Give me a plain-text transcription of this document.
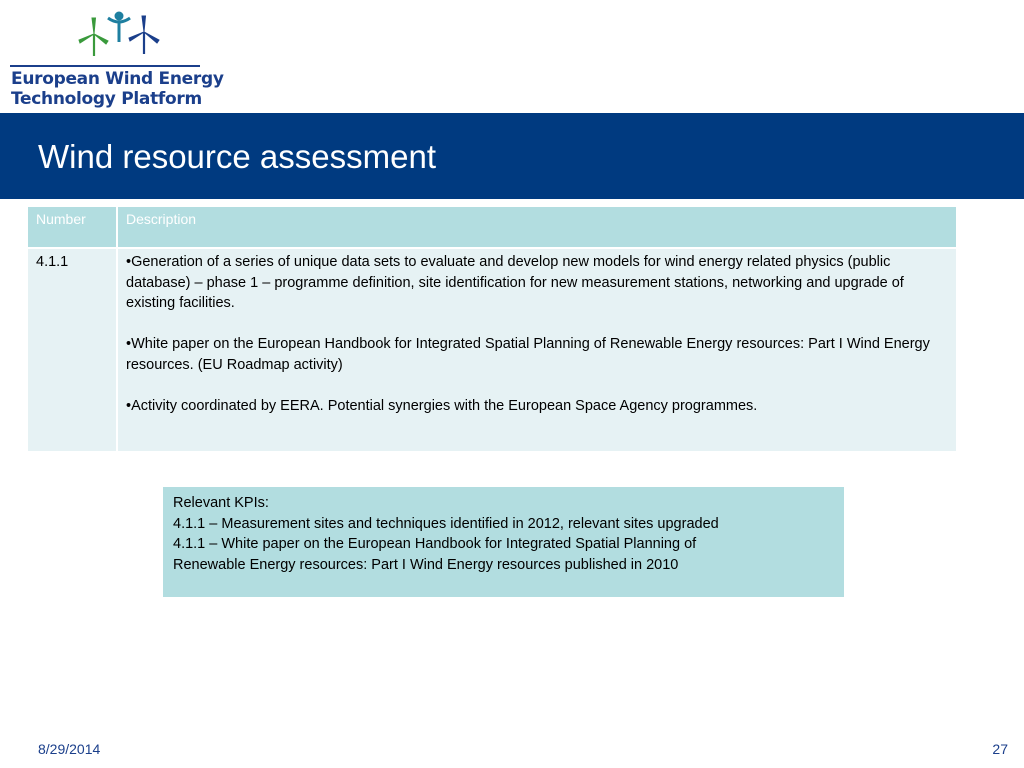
European Wind Energy
Technology Platform
Wind resource assessment
Number	Description
4.1.1	•Generation of a series of unique data sets to evaluate and develop new models for wind energy related physics (public database) – phase 1 – programme definition, site identification for new measurement stations, networking and upgrade of existing facilities.

•White paper on the European Handbook for Integrated Spatial Planning of Renewable Energy resources: Part I Wind Energy resources. (EU Roadmap activity)

•Activity coordinated by EERA. Potential synergies with the European Space Agency programmes.

Relevant KPIs:
4.1.1 – Measurement sites and techniques identified in 2012, relevant sites upgraded
4.1.1 – White paper on the European Handbook for Integrated Spatial Planning of
Renewable Energy resources: Part I Wind Energy resources published in 2010
8/29/2014	27
